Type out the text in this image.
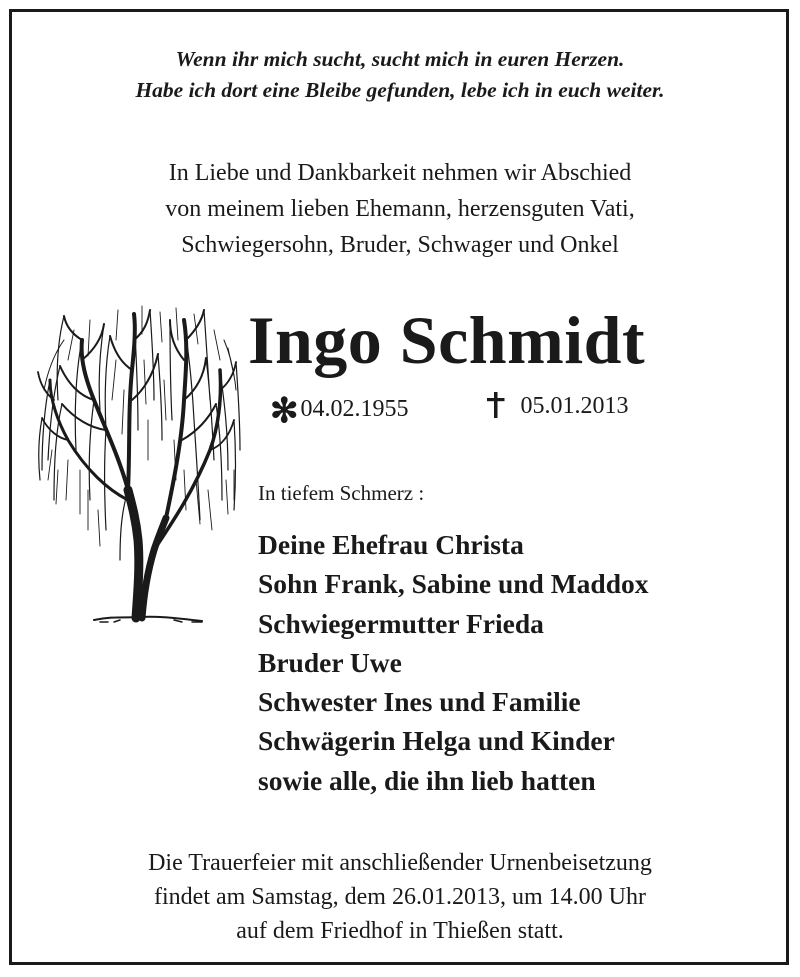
Wenn ihr mich sucht, sucht mich in euren Herzen.
Habe ich dort eine Bleibe gefunden, lebe ich in euch weiter.
In Liebe und Dankbarkeit nehmen wir Abschied
von meinem lieben Ehemann, herzensguten Vati,
Schwiegersohn, Bruder, Schwager und Onkel
Ingo Schmidt
✻ 04.02.1955
	05.01.2013
In tiefem Schmerz :
Deine Ehefrau Christa
Sohn Frank, Sabine und Maddox
Schwiegermutter Frieda
Bruder Uwe
Schwester Ines und Familie
Schwägerin Helga und Kinder
sowie alle, die ihn lieb hatten
Die Trauerfeier mit anschließender Urnenbeisetzung
findet am Samstag, dem 26.01.2013, um 14.00 Uhr
auf dem Friedhof in Thießen statt.
